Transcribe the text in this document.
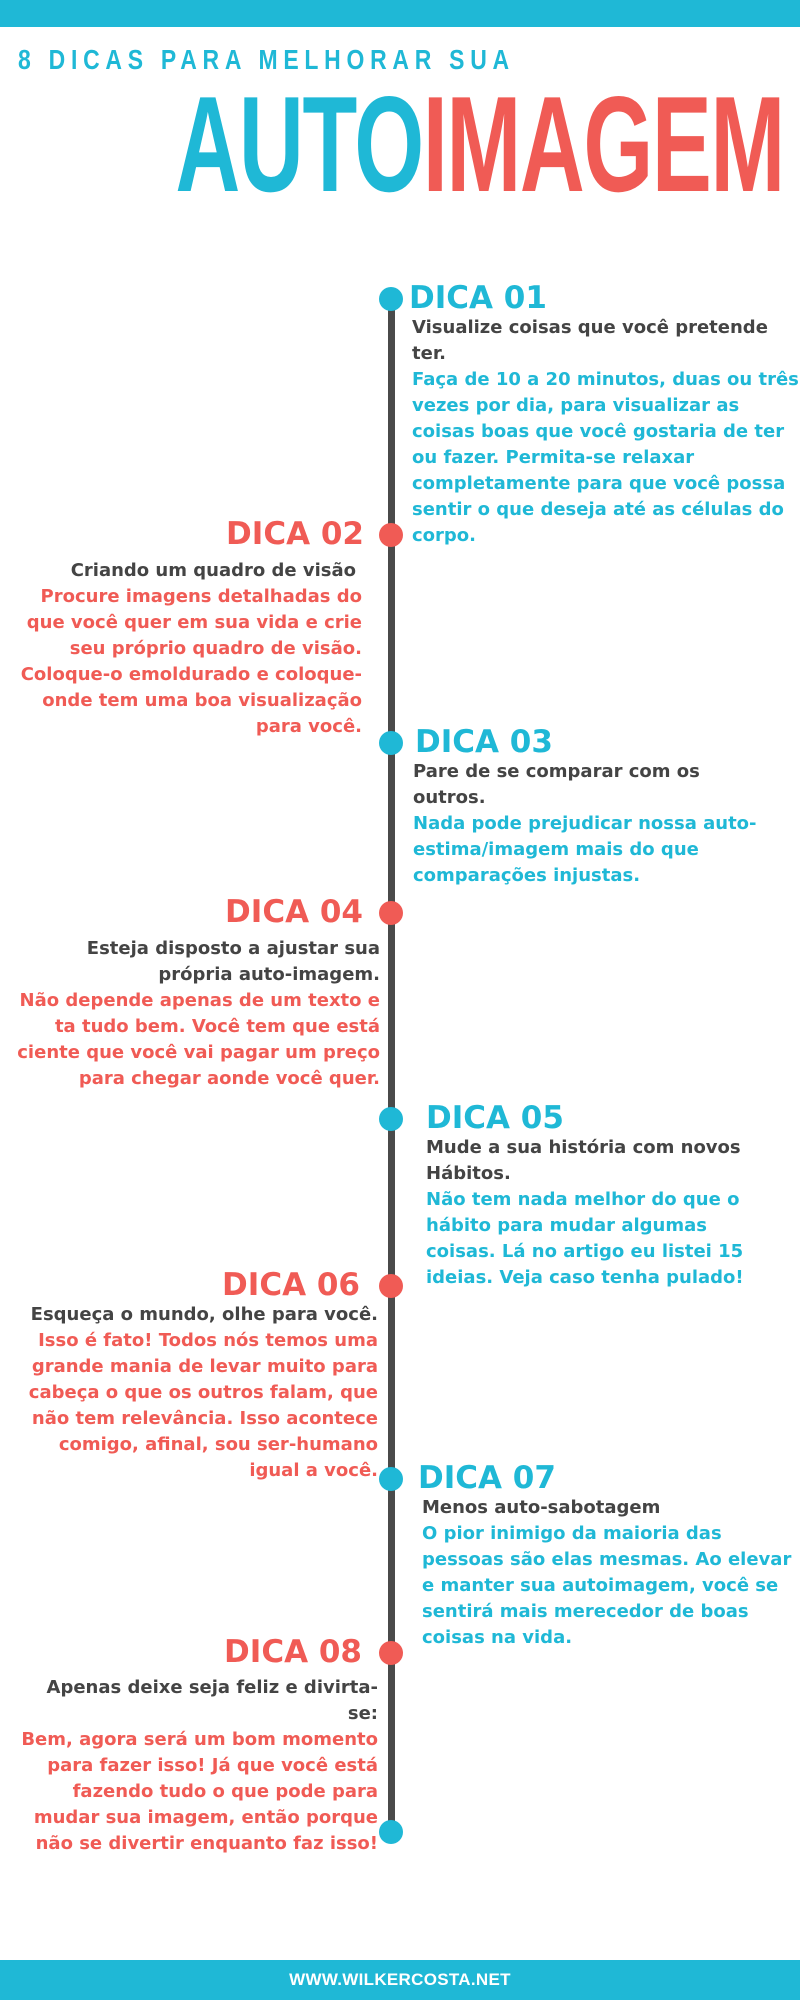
8 DICAS PARA MELHORAR SUA
AUTOIMAGEM
DICA 01
Visualize coisas que você pretende ter.
Faça de 10 a 20 minutos, duas ou três vezes por dia, para visualizar as coisas boas que você gostaria de ter ou fazer. Permita-se relaxar completamente para que você possa sentir o que deseja até as células do corpo.
DICA 02
Criando um quadro de visão
Procure imagens detalhadas do que você quer em sua vida e crie seu próprio quadro de visão. Coloque-o emoldurado e coloque-onde tem uma boa visualização para você. DICA 03
Pare de se comparar com os outros.
Nada pode prejudicar nossa auto-estima/imagem mais do que comparações injustas.
DICA 04
Esteja disposto a ajustar sua própria auto-imagem.
Não depende apenas de um texto e ta tudo bem. Você tem que está ciente que você vai pagar um preço para chegar aonde você quer.
DICA 05
Mude a sua história com novos Hábitos.
Não tem nada melhor do que o hábito para mudar algumas coisas. Lá no artigo eu listei 15 ideias. Veja caso tenha pulado!
DICA 06
Esqueça o mundo, olhe para você.
Isso é fato! Todos nós temos uma grande mania de levar muito para cabeça o que os outros falam, que não tem relevância. Isso acontece comigo, afinal, sou ser-humano igual a você. DICA 07
Menos auto-sabotagem
O pior inimigo da maioria das pessoas são elas mesmas. Ao elevar e manter sua autoimagem, você se sentirá mais merecedor de boas coisas na vida.
DICA 08
Apenas deixe seja feliz e divirta-se:
Bem, agora será um bom momento para fazer isso! Já que você está fazendo tudo o que pode para mudar sua imagem, então porque não se divertir enquanto faz isso!
WWW.WILKERCOSTA.NET
